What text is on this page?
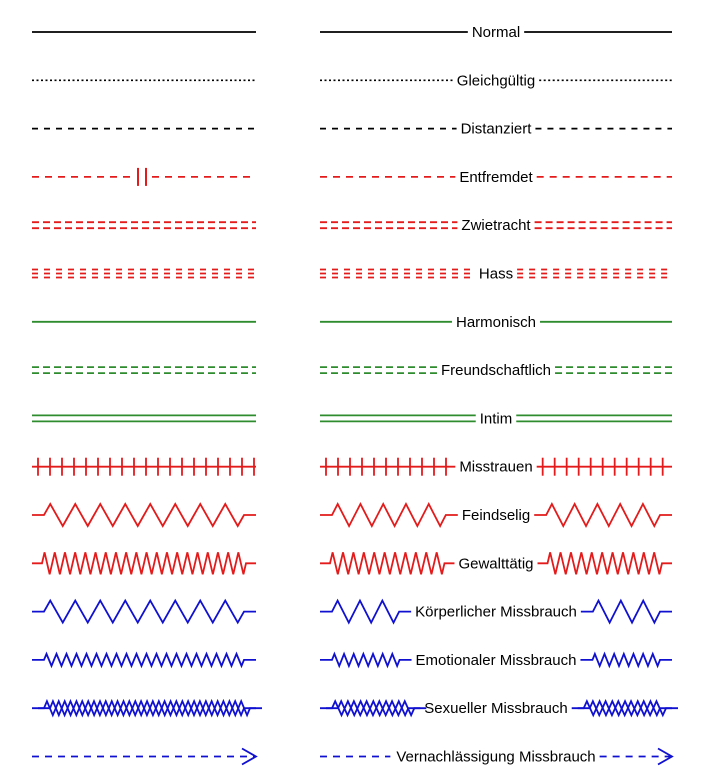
Normal
Gleichgültig
Distanziert
Entfremdet
Zwietracht
Hass
Harmonisch
Freundschaftlich
Intim
Misstrauen
Feindselig
Gewalttätig
Körperlicher Missbrauch
Emotionaler Missbrauch
Sexueller Missbrauch
Vernachlässigung Missbrauch
